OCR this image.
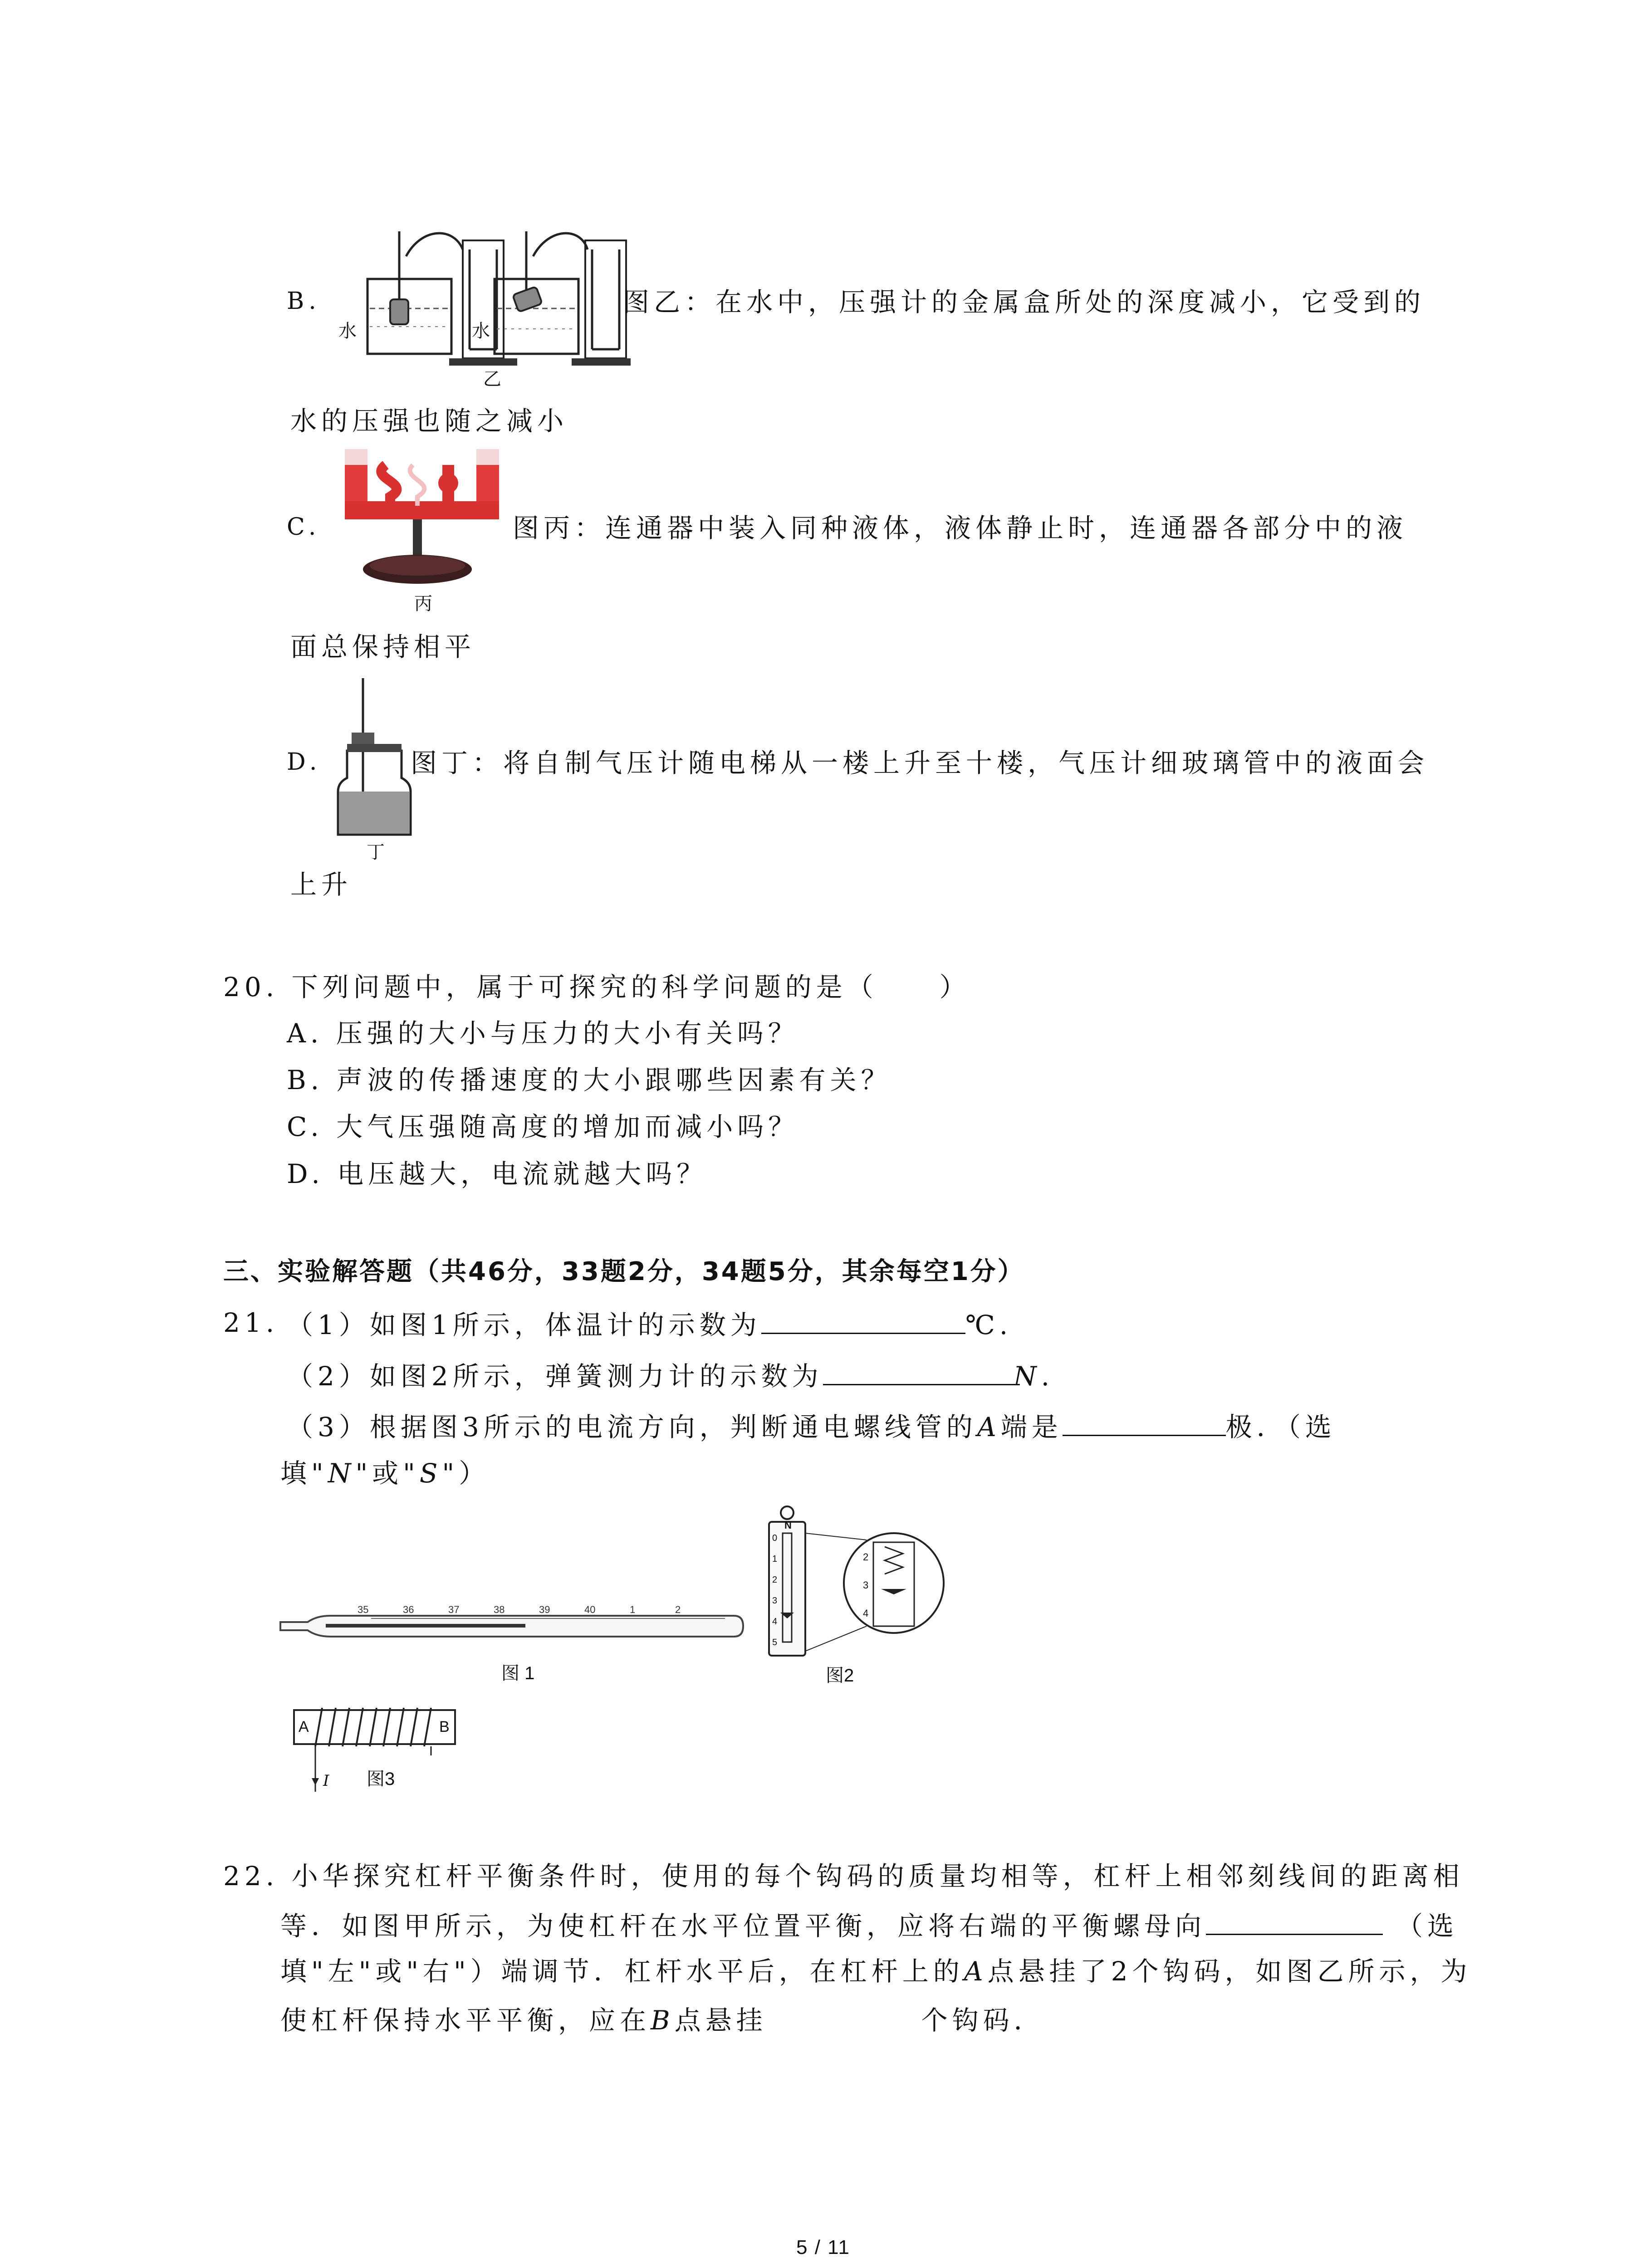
B.
水	水
乙
图乙：在水中，压强计的金属盒所处的深度减小，它受到的
水的压强也随之减小
C.
丙
图丙：连通器中装入同种液体，液体静止时，连通器各部分中的液
面总保持相平
D.
丁
图丁：将自制气压计随电梯从一楼上升至十楼，气压计细玻璃管中的液面会
上升
20. 下列问题中，属于可探究的科学问题的是（　　）
A. 压强的大小与压力的大小有关吗？
B. 声波的传播速度的大小跟哪些因素有关？
C. 大气压强随高度的增加而减小吗？
D. 电压越大，电流就越大吗？
三、实验解答题（共46分，33题2分，34题5分，其余每空1分）
21. （1）如图1所示，体温计的示数为	℃.
（2）如图2所示，弹簧测力计的示数为	N.
（3）根据图3所示的电流方向，判断通电螺线管的A端是	极．（选
填"N"或"S"）
35	36	37	38	39	40	1	2
图 1
N
0
1
2
3
4
5
2
3
4
图2
A	B
I 图3
22. 小华探究杠杆平衡条件时，使用的每个钩码的质量均相等，杠杆上相邻刻线间的距离相
等．如图甲所示，为使杠杆在水平位置平衡，应将右端的平衡螺母向	（选
填"左"或"右"）端调节．杠杆水平后，在杠杆上的A点悬挂了2个钩码，如图乙所示，为
使杠杆保持水平平衡，应在B点悬挂	个钩码．
5 / 11
